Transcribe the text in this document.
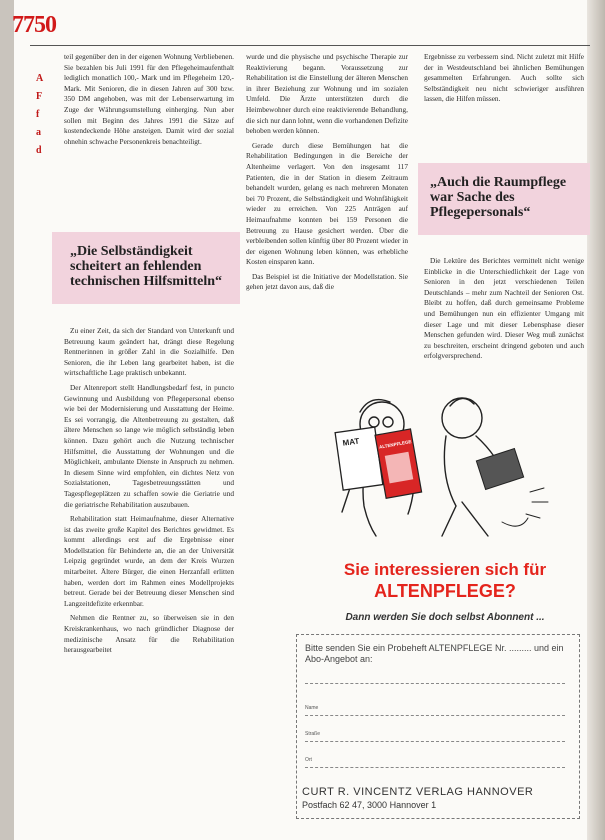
7750
A
F
f
a
d

teil gegenüber den in der eigenen Wohnung Verbliebenen. Sie bezahlen bis Juli 1991 für den Pflegeheimaufenthalt lediglich monatlich 100,- Mark und im Pflegeheim 120,- Mark. Mit Senioren, die in diesen Jahren auf 300 bzw. 350 DM angehoben, was mit der Lebenserwartung im Zuge der Währungsumstellung einherging. Nun aber sollen mit Beginn des Jahres 1991 die Sätze auf kostendeckende Höhe ansteigen. Damit wird der sozial ohnehin schwache Personenkreis benachteiligt.

„Die Selbständigkeit scheitert an fehlenden technischen Hilfsmitteln“

Zu einer Zeit, da sich der Standard von Unterkunft und Betreuung kaum geändert hat, drängt diese Regelung Rentnerinnen in größer Zahl in die Sozialhilfe. Den Senioren, die ihr Leben lang gearbeitet haben, ist die wirtschaftliche Lage praktisch unbekannt.

Der Altenreport stellt Handlungsbedarf fest, in puncto Gewinnung und Ausbildung von Pflegepersonal ebenso wie bei der Modernisierung und Ausstattung der Heime. Es sei vorrangig, die Altenbetreuung zu gestalten, daß ältere Menschen so lange wie möglich selbständig leben können. Dazu gehört auch die Nutzung technischer Hilfsmittel, die Ausstattung der Wohnungen und die Möglichkeit, ambulante Dienste in Anspruch zu nehmen. In diesem Sinne wird empfohlen, ein dichtes Netz von Sozialstationen, Tagesbetreuungsstätten und Tagespflegeplätzen zu schaffen sowie die Geriatrie und die geriatrische Rehabilitation auszubauen.

Rehabilitation statt Heimaufnahme, dieser Alternative ist das zweite große Kapitel des Berichtes gewidmet. Es kommt allerdings erst auf die Ergebnisse einer Modellstation für Behinderte an, die an der Universität Leipzig gegründet wurde, an dem der Kreis Wurzen mitarbeitet. Ältere Bürger, die einen Herzanfall erlitten haben, werden dort im Rahmen eines Modellprojekts betreut. Gerade bei der Betreuung dieser Menschen sind Langzeitdefizite erkennbar.

Nehmen die Rentner zu, so überweisen sie in den Kreiskrankenhaus, wo nach gründlicher Diagnose der medizinische Ansatz für die Rehabilitation herausgearbeitet

wurde und die physische und psychische Therapie zur Reaktivierung begann. Voraussetzung zur Rehabilitation ist die Einstellung der älteren Menschen in ihrer Beziehung zur Wohnung und im sozialen Umfeld. Die Ärzte unterstützten durch die Heimbewohner durch eine reaktivierende Behandlung, die sich nur dann lohnt, wenn die vorhandenen Defizite behoben werden können.

Gerade durch diese Bemühungen hat die Rehabilitation Bedingungen in die Bereiche der Altenheime verlagert. Von den insgesamt 117 Patienten, die in der Station in diesem Zeitraum behandelt wurden, gelang es nach mehreren Monaten bei 70 Prozent, die Selbständigkeit und Wohnfähigkeit wieder zu erreichen. Von 225 Anträgen auf Heimaufnahme konnten bei 159 Personen die Betreuung zu Hause gesichert werden. Über die verbleibenden sollen künftig über 80 Prozent wieder in der eigenen Wohnung leben können, was erhebliche Kosten einsparen kann.

Das Beispiel ist die Initiative der Modellstation. Sie gehen jetzt davon aus, daß die

Ergebnisse zu verbessern sind. Nicht zuletzt mit Hilfe der in Westdeutschland bei ähnlichen Bemühungen gesammelten Erfahrungen. Auch sollte sich Selbständigkeit neu nicht schwieriger ausführen lassen, die Hilfen müssen.

„Auch die Raumpflege war Sache des Pflegepersonals“

Die Lektüre des Berichtes vermittelt nicht wenige Einblicke in die Unterschiedlichkeit der Lage von Senioren in den jetzt verschiedenen Teilen Deutschlands – mehr zum Nachteil der Senioren Ost. Bleibt zu hoffen, daß durch gemeinsame Probleme und Bemühungen nun ein effizienter Umgang mit dieser Lage und mit dieser Lebensphase dieser Menschen gefunden wird. Dieser Weg muß zunächst zu beschreiten, erscheint dringend geboten und auch erfolgversprechend.

MAT	ALTENPFLEGE
Sie interessieren sich für
ALTENPFLEGE?
Dann werden Sie doch selbst Abonnent ...
Bitte senden Sie ein Probeheft ALTENPFLEGE Nr. ......... und ein Abo-Angebot an:
Name
Straße
Ort
CURT R. VINCENTZ VERLAG HANNOVER
Postfach 62 47, 3000 Hannover 1
